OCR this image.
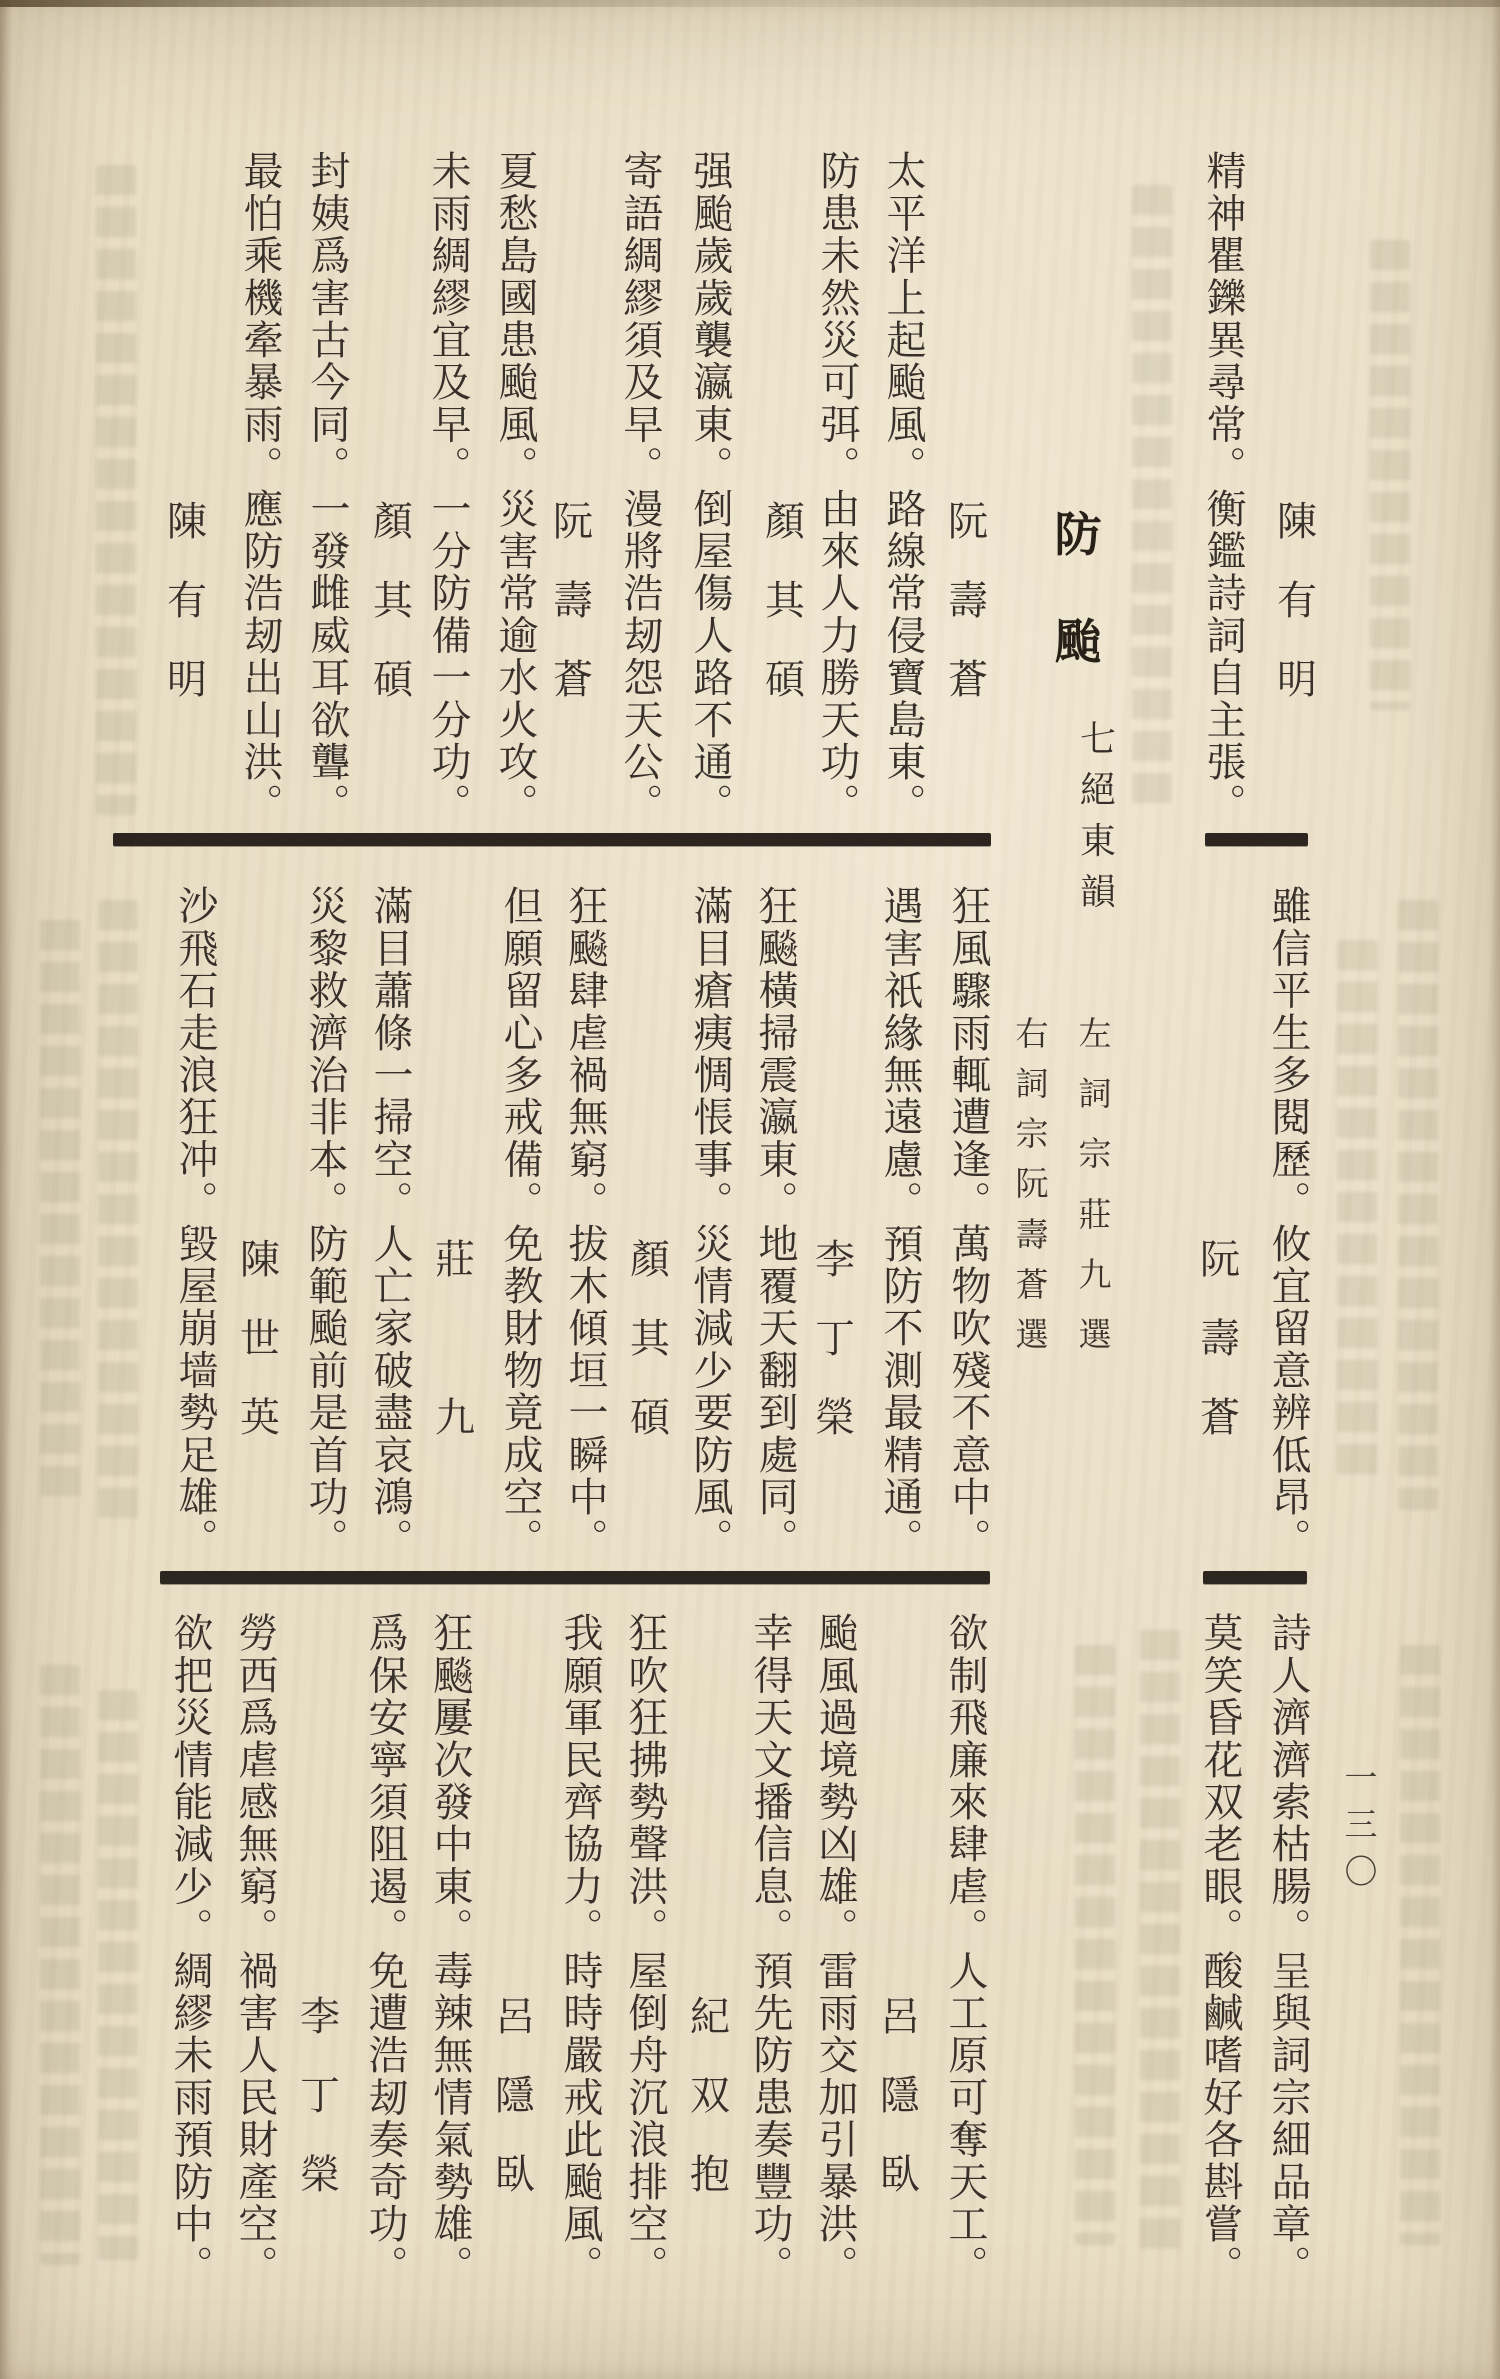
防
颱
七
絕
東
韻
左
詞
宗
莊
九
選
右
詞
宗
阮
壽
蒼
選
一
三
〇
陳
有
明
精神瞿鑠異尋常。衡鑑詩詞自主張。
阮
壽
蒼
太平洋上起颱風。路線常侵寶島東。
防患未然災可弭。由來人力勝天功。
顏
其
碩
强颱歲歲襲瀛東。倒屋傷人路不通。
寄語綢繆須及早。漫將浩刼怨天公。
阮
壽
蒼
夏愁島國患颱風。災害常逾水火攻。
未雨綢繆宜及早。一分防備一分功。
顏
其
碩
封姨爲害古今同。一發雌威耳欲聾。
最怕乘機牽暴雨。應防浩刼出山洪。
陳
有
明
雖信平生多閱歷。攸宜留意辨低昂。
阮
壽
蒼
狂風驟雨輒遭逢。萬物吹殘不意中。
遇害祇緣無遠慮。預防不測最精通。
李
丁
榮
狂飈橫掃震瀛東。地覆天翻到處同。
滿目瘡痍惆悵事。災情減少要防風。
顏
其
碩
狂飈肆虐禍無窮。拔木傾垣一瞬中。
但願留心多戒備。免教財物竟成空。
莊
九
滿目蕭條一掃空。人亡家破盡哀鴻。
災黎救濟治非本。防範颱前是首功。
陳
世
英
沙飛石走浪狂冲。毀屋崩墙勢足雄。
詩人濟濟索枯腸。呈與詞宗細品章。
莫笑昏花双老眼。酸鹹嗜好各斟嘗。
欲制飛廉來肆虐。人工原可奪天工。
呂
隱
臥
颱風過境勢凶雄。雷雨交加引暴洪。
幸得天文播信息。預先防患奏豐功。
紀
双
抱
狂吹狂拂勢聲洪。屋倒舟沉浪排空。
我願軍民齊協力。時時嚴戒此颱風。
呂
隱
臥
狂飈屢次發中東。毒辣無情氣勢雄。
爲保安寧須阻遏。免遭浩刼奏奇功。
李
丁
榮
勞西爲虐感無窮。禍害人民財產空。
欲把災情能減少。綢繆未雨預防中。
